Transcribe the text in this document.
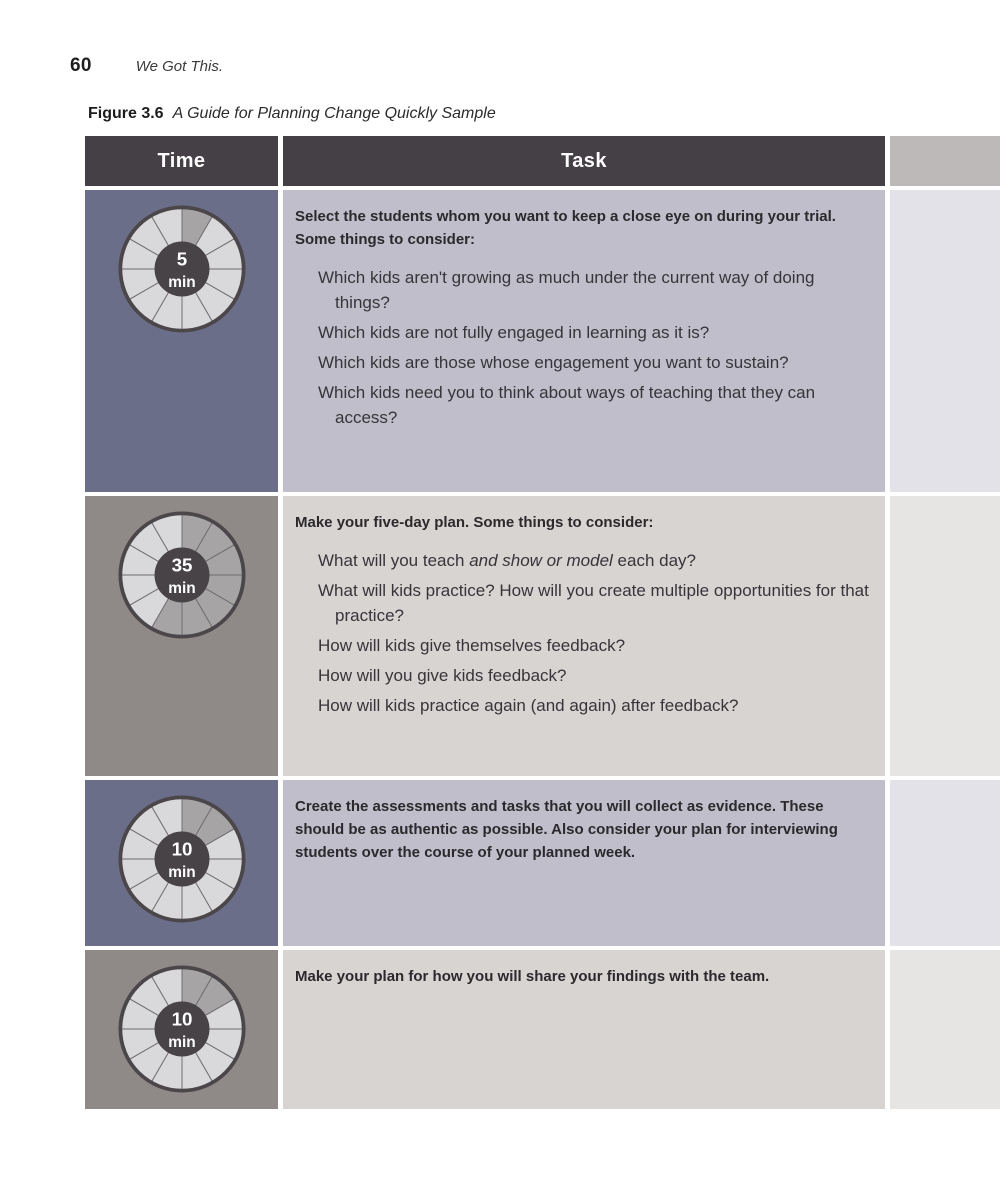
60	We Got This.
Figure 3.6 A Guide for Planning Change Quickly Sample
Time	Task
5
min

Select the students whom you want to keep a close eye on during your trial. Some things to consider:

Which kids aren't growing as much under the current way of doing things?

Which kids are not fully engaged in learning as it is?

Which kids are those whose engagement you want to sustain?

Which kids need you to think about ways of teaching that they can access?

35
min

Make your five-day plan. Some things to consider:

What will you teach and show or model each day?

What will kids practice? How will you create multiple opportunities for that practice?

How will kids give themselves feedback?

How will you give kids feedback?

How will kids practice again (and again) after feedback?

10
min

Create the assessments and tasks that you will collect as evidence. These should be as authentic as possible. Also consider your plan for interviewing students over the course of your planned week.

10
min

Make your plan for how you will share your findings with the team.
